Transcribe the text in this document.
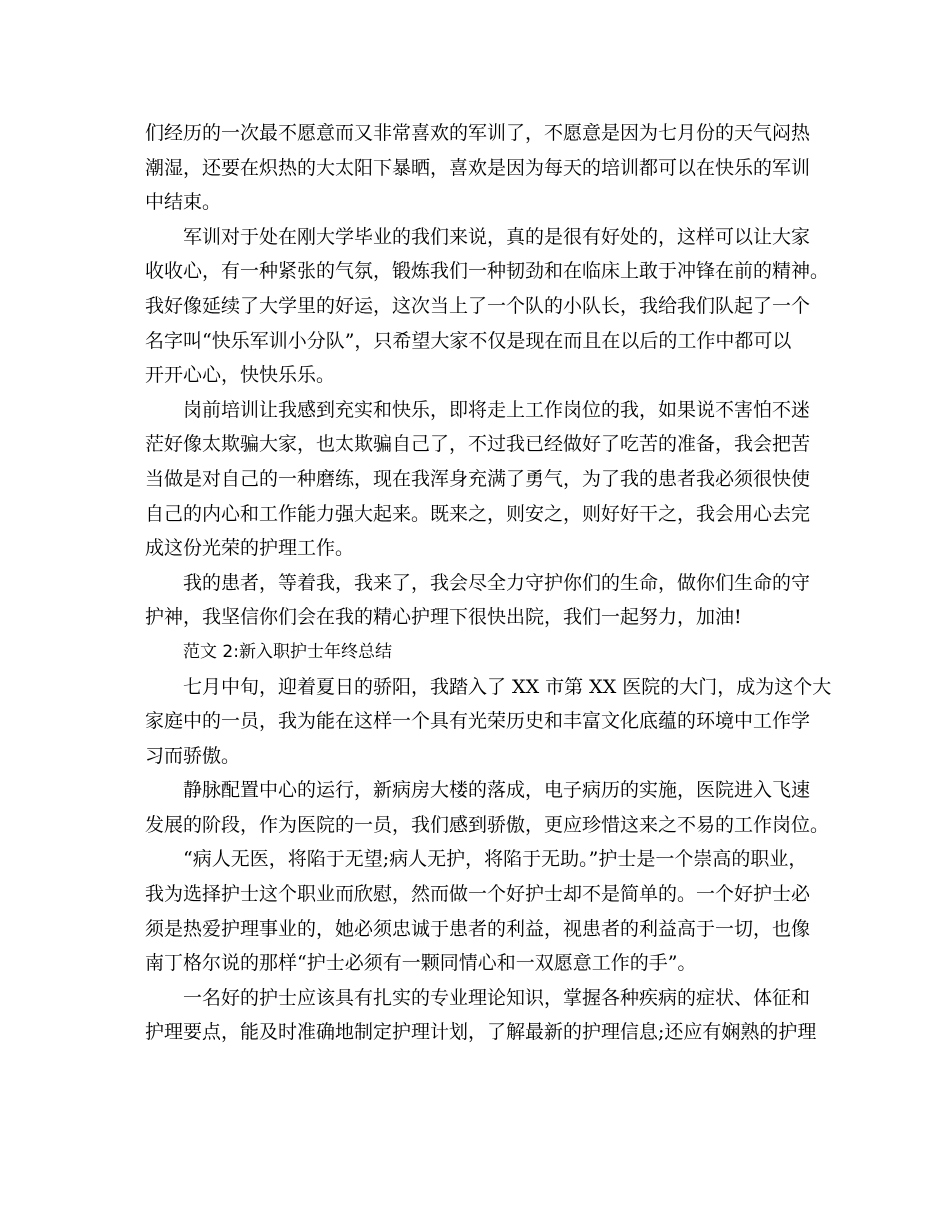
们经历的一次最不愿意而又非常喜欢的军训了，不愿意是因为七月份的天气闷热
潮湿，还要在炽热的大太阳下暴晒，喜欢是因为每天的培训都可以在快乐的军训
中结束。
军训对于处在刚大学毕业的我们来说，真的是很有好处的，这样可以让大家
收收心，有一种紧张的气氛，锻炼我们一种韧劲和在临床上敢于冲锋在前的精神。
我好像延续了大学里的好运，这次当上了一个队的小队长，我给我们队起了一个
名字叫“快乐军训小分队”，只希望大家不仅是现在而且在以后的工作中都可以
开开心心，快快乐乐。
岗前培训让我感到充实和快乐，即将走上工作岗位的我，如果说不害怕不迷
茫好像太欺骗大家，也太欺骗自己了，不过我已经做好了吃苦的准备，我会把苦
当做是对自己的一种磨练，现在我浑身充满了勇气，为了我的患者我必须很快使
自己的内心和工作能力强大起来。既来之，则安之，则好好干之，我会用心去完
成这份光荣的护理工作。
我的患者，等着我，我来了，我会尽全力守护你们的生命，做你们生命的守
护神，我坚信你们会在我的精心护理下很快出院，我们一起努力，加油!
范文 2:新入职护士年终总结
七月中旬，迎着夏日的骄阳，我踏入了 XX 市第 XX 医院的大门，成为这个大
家庭中的一员，我为能在这样一个具有光荣历史和丰富文化底蕴的环境中工作学
习而骄傲。
静脉配置中心的运行，新病房大楼的落成，电子病历的实施，医院进入飞速
发展的阶段，作为医院的一员，我们感到骄傲，更应珍惜这来之不易的工作岗位。
“病人无医，将陷于无望;病人无护，将陷于无助。”护士是一个崇高的职业，
我为选择护士这个职业而欣慰，然而做一个好护士却不是简单的。一个好护士必
须是热爱护理事业的，她必须忠诚于患者的利益，视患者的利益高于一切，也像
南丁格尔说的那样“护士必须有一颗同情心和一双愿意工作的手”。
一名好的护士应该具有扎实的专业理论知识，掌握各种疾病的症状、体征和
护理要点，能及时准确地制定护理计划，了解最新的护理信息;还应有娴熟的护理
